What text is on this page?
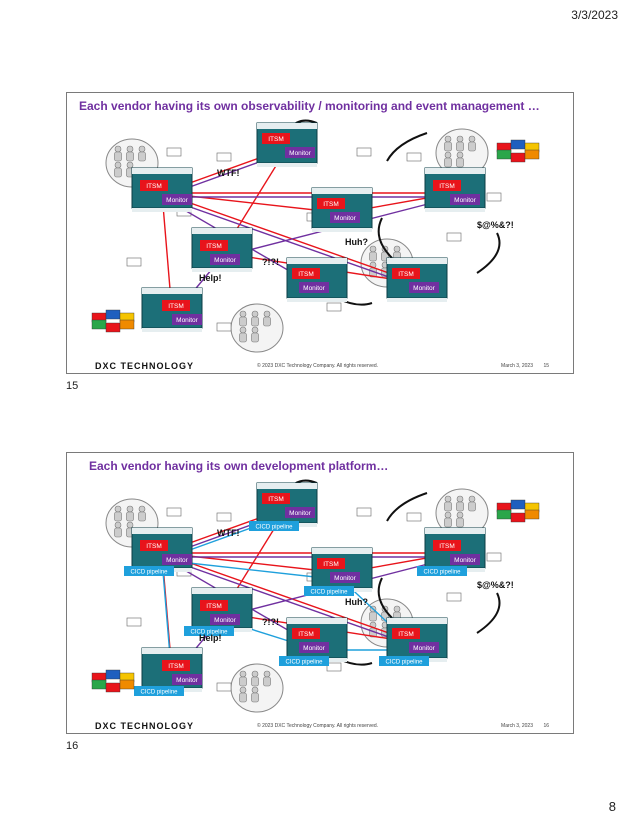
3/3/2023
Each vendor having its own observability / monitoring and event management …
ITSM
Monitor
ITSM
Monitor
ITSM
Monitor
ITSM
Monitor
ITSM
Monitor
ITSM
Monitor
ITSM
Monitor
ITSM
Monitor
WTF!
Huh?
$@%&?!
?!?!
Help!
DXC TECHNOLOGY	© 2023 DXC Technology Company. All rights reserved.	March 3, 2023 15
15
Each vendor having its own development platform…
ITSM
Monitor
CICD pipeline
ITSM
Monitor
CICD pipeline
ITSM
Monitor
CICD pipeline
ITSM
Monitor
CICD pipeline
ITSM
Monitor
CICD pipeline	ITSM
Monitor
CICD pipeline
ITSM
Monitor
CICD pipeline
ITSM
Monitor
CICD pipeline
WTF!
Huh?
$@%&?!
?!?!
Help!
DXC TECHNOLOGY	© 2023 DXC Technology Company. All rights reserved.	March 3, 2023 16
16
8
